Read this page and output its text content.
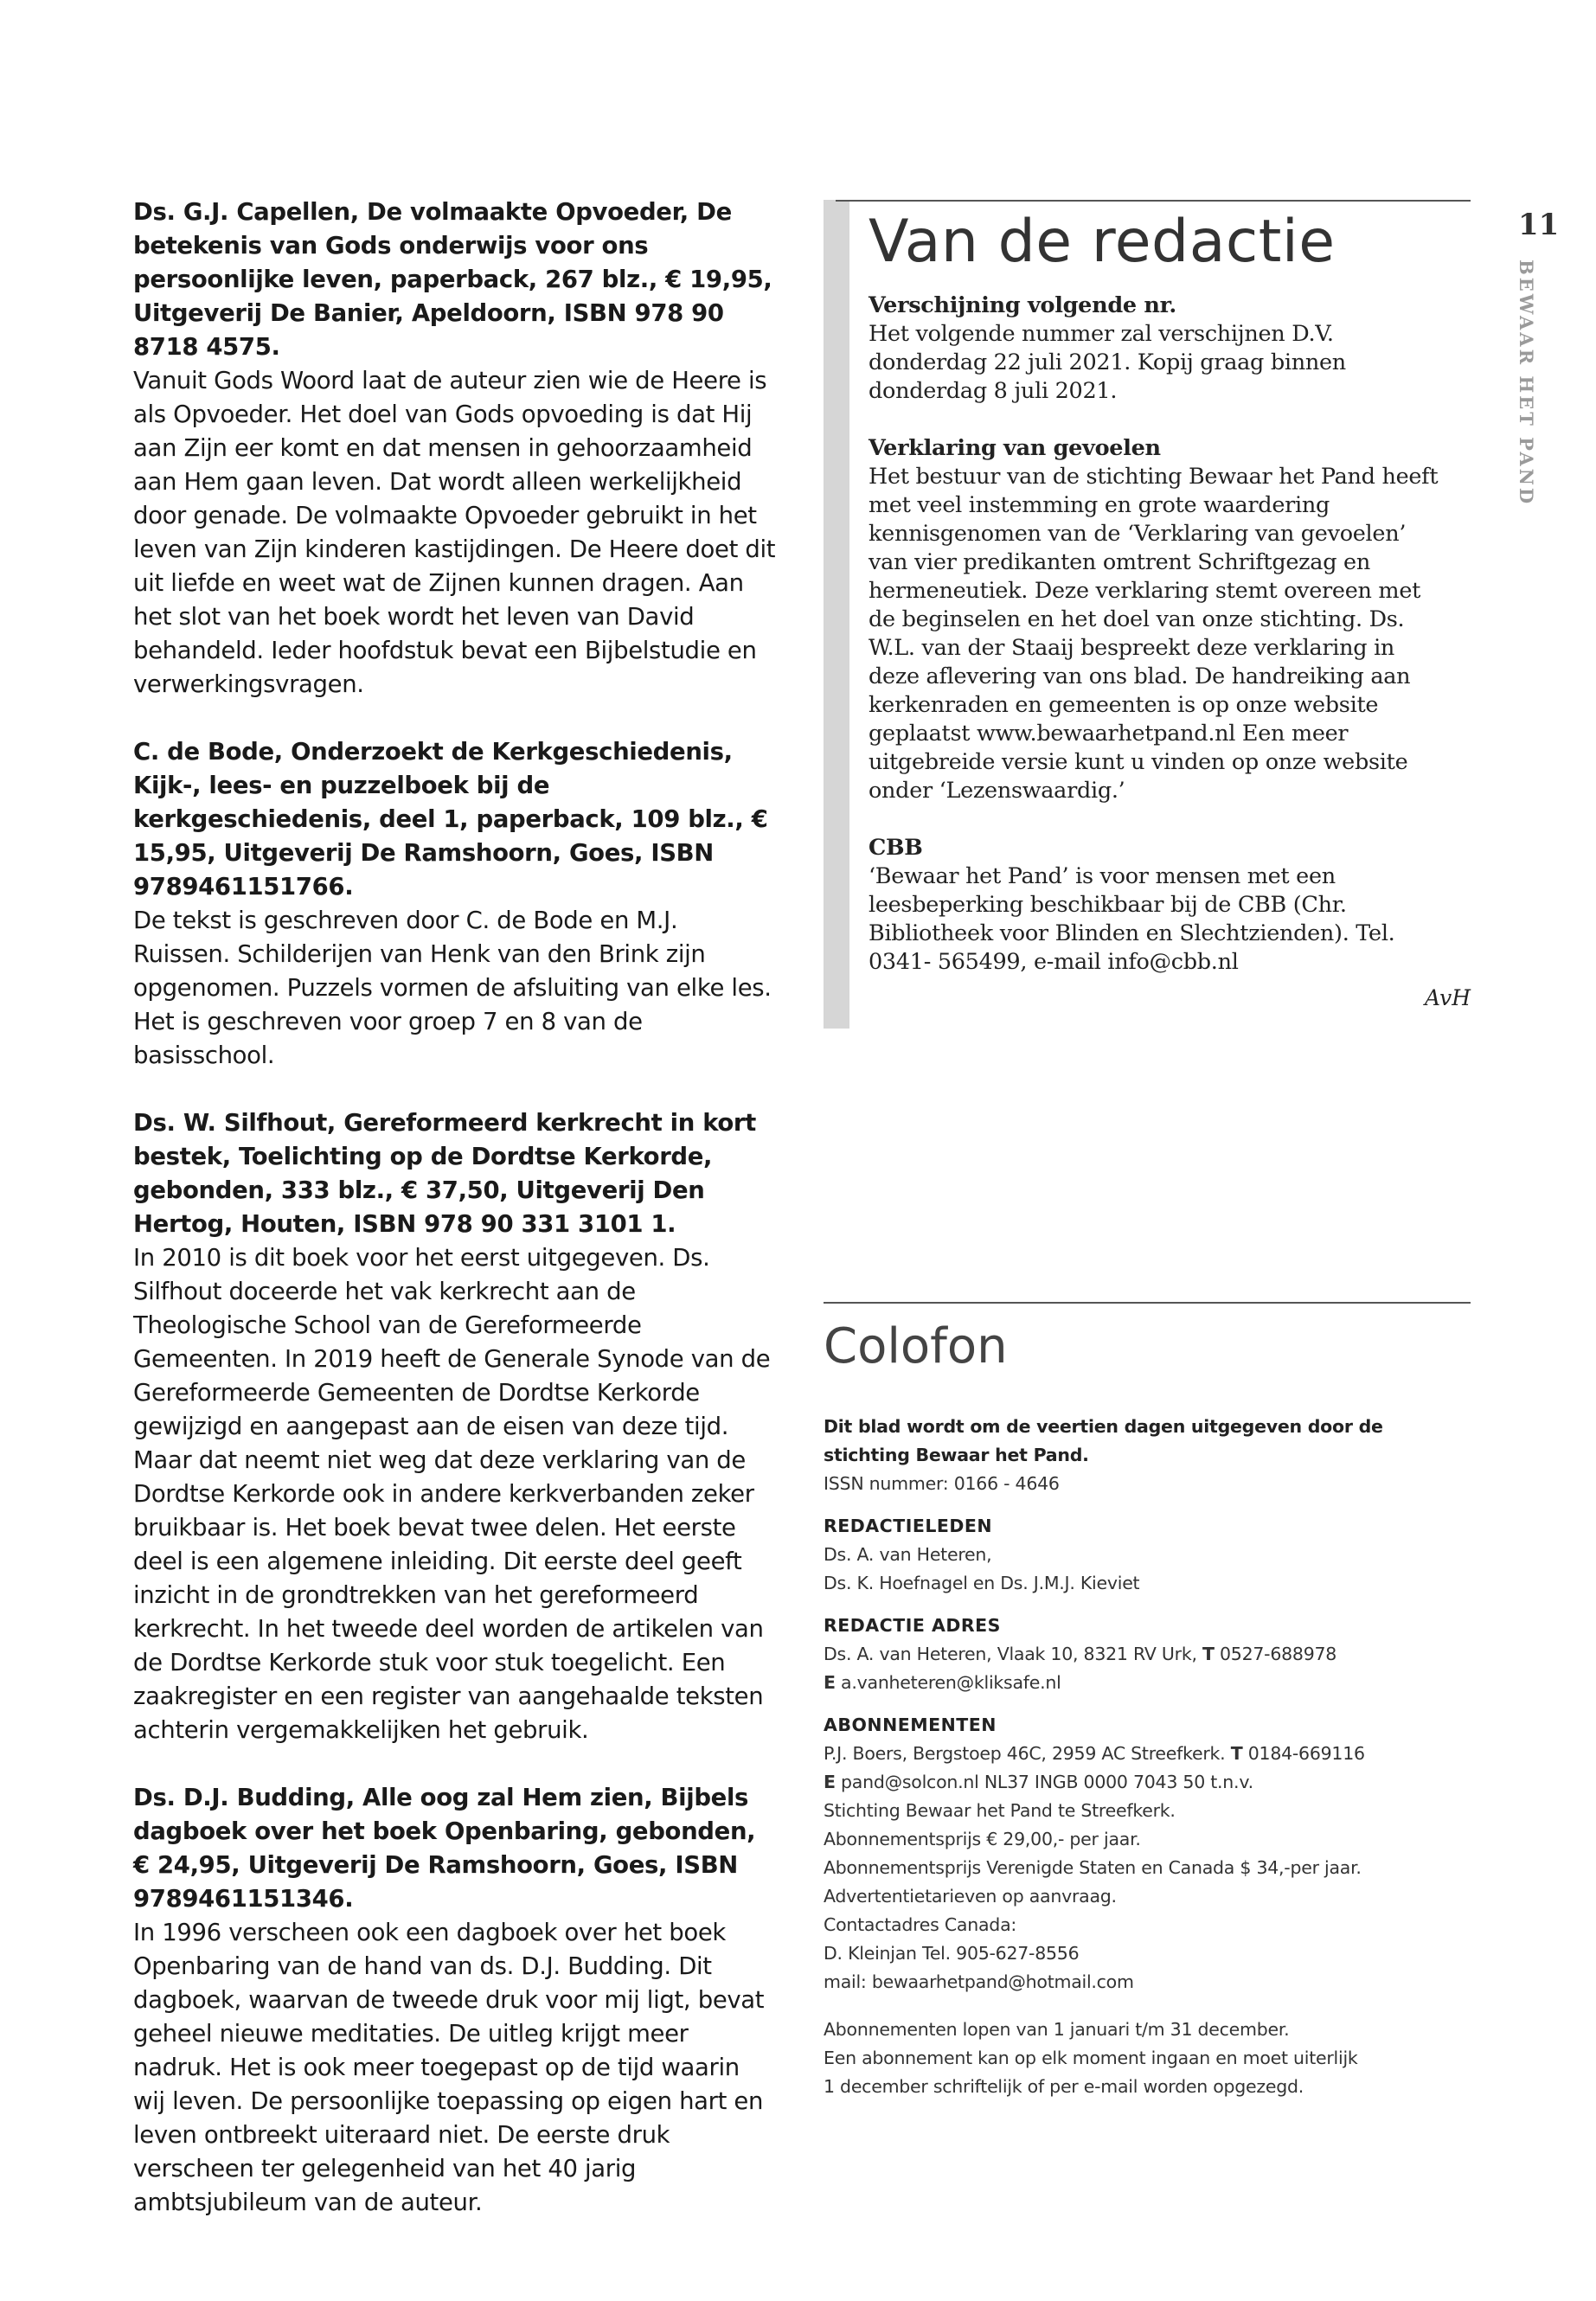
11
BEWAAR HET PAND
Ds. G.J. Capellen, De volmaakte Opvoeder, De betekenis van Gods onderwijs voor ons persoonlijke leven, paperback, 267 blz., € 19,95, Uitgeverij De Banier, Apeldoorn, ISBN 978 90 8718 4575.
Vanuit Gods Woord laat de auteur zien wie de Heere is als Opvoeder. Het doel van Gods opvoeding is dat Hij aan Zijn eer komt en dat mensen in gehoorzaamheid aan Hem gaan leven. Dat wordt alleen werkelijkheid door genade. De volmaakte Opvoeder gebruikt in het leven van Zijn kinderen kastijdingen. De Heere doet dit uit liefde en weet wat de Zijnen kunnen dragen. Aan het slot van het boek wordt het leven van David behandeld. Ieder hoofdstuk bevat een Bijbelstudie en verwerkingsvragen.
C. de Bode, Onderzoekt de Kerkgeschiedenis, Kijk-, lees- en puzzelboek bij de kerkgeschiedenis, deel 1, paperback, 109 blz., € 15,95, Uitgeverij De Ramshoorn, Goes, ISBN 9789461151766.
De tekst is geschreven door C. de Bode en M.J. Ruissen. Schilderijen van Henk van den Brink zijn opgenomen. Puzzels vormen de afsluiting van elke les. Het is geschreven voor groep 7 en 8 van de basisschool.
Ds. W. Silfhout, Gereformeerd kerkrecht in kort bestek, Toelichting op de Dordtse Kerkorde, gebonden, 333 blz., € 37,50, Uitgeverij Den Hertog, Houten, ISBN 978 90 331 3101 1.
In 2010 is dit boek voor het eerst uitgegeven. Ds. Silfhout doceerde het vak kerkrecht aan de Theologische School van de Gereformeerde Gemeenten. In 2019 heeft de Generale Synode van de Gereformeerde Gemeenten de Dordtse Kerkorde gewijzigd en aangepast aan de eisen van deze tijd. Maar dat neemt niet weg dat deze verklaring van de Dordtse Kerkorde ook in andere kerkverbanden zeker bruikbaar is. Het boek bevat twee delen. Het eerste deel is een algemene inleiding. Dit eerste deel geeft inzicht in de grondtrekken van het gereformeerd kerkrecht. In het tweede deel worden de artikelen van de Dordtse Kerkorde stuk voor stuk toegelicht. Een zaakregister en een register van aangehaalde teksten achterin vergemakkelijken het gebruik.
Ds. D.J. Budding, Alle oog zal Hem zien, Bijbels dagboek over het boek Openbaring, gebonden, € 24,95, Uitgeverij De Ramshoorn, Goes, ISBN 9789461151346.
In 1996 verscheen ook een dagboek over het boek Openbaring van de hand van ds. D.J. Budding. Dit dagboek, waarvan de tweede druk voor mij ligt, bevat geheel nieuwe meditaties. De uitleg krijgt meer nadruk. Het is ook meer toegepast op de tijd waarin wij leven. De persoonlijke toepassing op eigen hart en leven ontbreekt uiteraard niet. De eerste druk verscheen ter gelegenheid van het 40 jarig ambtsjubileum van de auteur.
Van de redactie
Verschijning volgende nr.
Het volgende nummer zal verschijnen D.V. donderdag 22 juli 2021. Kopij graag binnen donderdag 8 juli 2021.
Verklaring van gevoelen
Het bestuur van de stichting Bewaar het Pand heeft met veel instemming en grote waardering kennisgenomen van de ‘Verklaring van gevoelen’ van vier predikanten omtrent Schriftgezag en hermeneutiek. Deze verklaring stemt overeen met de beginselen en het doel van onze stichting. Ds. W.L. van der Staaij bespreekt deze verklaring in deze aflevering van ons blad. De handreiking aan kerkenraden en gemeenten is op onze website geplaatst www.bewaarhetpand.nl Een meer uitgebreide versie kunt u vinden op onze website onder ‘Lezenswaardig.’
CBB
‘Bewaar het Pand’ is voor mensen met een leesbeperking beschikbaar bij de CBB (Chr. Bibliotheek voor Blinden en Slechtzienden). Tel. 0341- 565499, e-mail info@cbb.nl
AvH
Colofon
Dit blad wordt om de veertien dagen uitgegeven door de stichting Bewaar het Pand.
ISSN nummer: 0166 - 4646
REDACTIELEDEN
Ds. A. van Heteren,
Ds. K. Hoefnagel en Ds. J.M.J. Kieviet
REDACTIE ADRES
Ds. A. van Heteren, Vlaak 10, 8321 RV Urk, T 0527-688978
E a.vanheteren@kliksafe.nl
ABONNEMENTEN
P.J. Boers, Bergstoep 46C, 2959 AC Streefkerk. T 0184-669116
E pand@solcon.nl NL37 INGB 0000 7043 50 t.n.v.
Stichting Bewaar het Pand te Streefkerk.
Abonnementsprijs € 29,00,- per jaar.
Abonnementsprijs Verenigde Staten en Canada $ 34,-per jaar.
Advertentietarieven op aanvraag.
Contactadres Canada:
D. Kleinjan Tel. 905-627-8556
mail: bewaarhetpand@hotmail.com
Abonnementen lopen van 1 januari t/m 31 december.
Een abonnement kan op elk moment ingaan en moet uiterlijk
1 december schriftelijk of per e-mail worden opgezegd.
